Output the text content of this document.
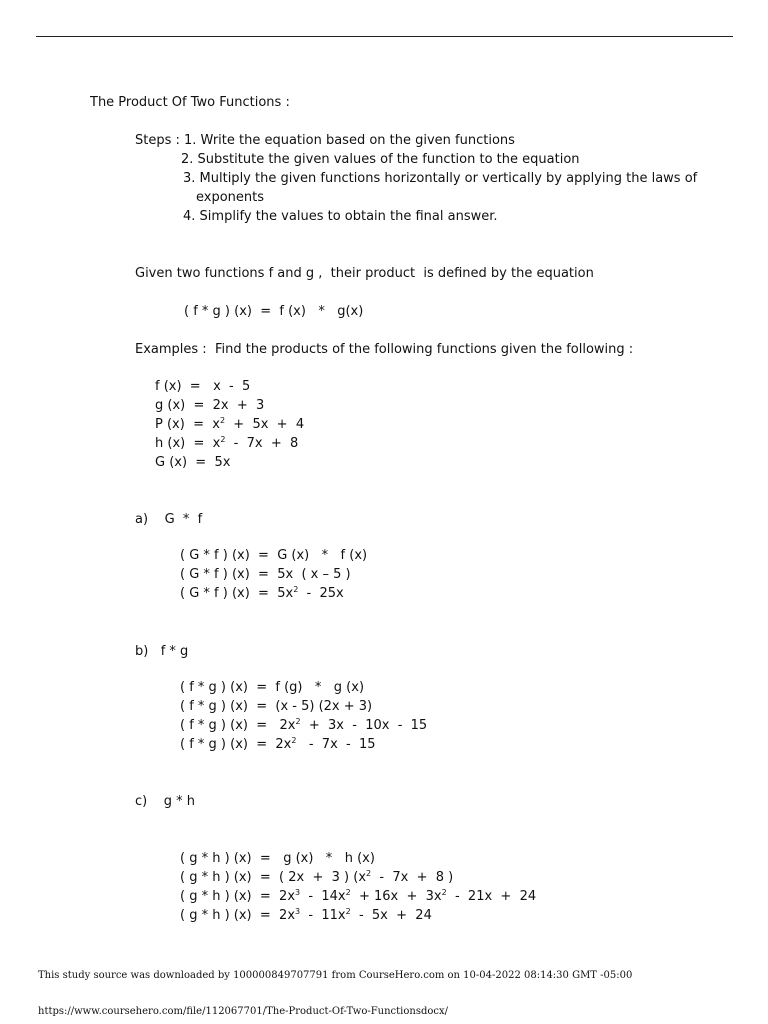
The Product Of Two Functions :
Steps : 1. Write the equation based on the given functions
2. Substitute the given values of the function to the equation
3. Multiply the given functions horizontally or vertically by applying the laws of
exponents
4. Simplify the values to obtain the final answer.
Given two functions f and g ,  their product  is defined by the equation
( f * g ) (x)  =  f (x)   *   g(x)
Examples :  Find the products of the following functions given the following :
f (x)  =   x  -  5
g (x)  =  2x  +  3
P $(x) = x^2 + 5x + 4$
h $(x) = x^2 - 7x + 8$
G (x)  =  5x
a)    G  *  f
( G * f ) (x)  =  G (x)   *   f (x)
( G * f ) (x)  =  5x  ( x – 5 )
( G * f ) $(x) = 5x^2 - 25x$
b)   f * g
( f * g ) (x)  =  f (g)   *   g (x)
( f * g ) (x)  =  (x - 5) (2x + 3)
( f * g ) $(x) = 2x^2 + 3x - 10x - 15$
( f * g ) $(x) = 2x^2 - 7x - 15$
c)    g * h
( g * h ) (x)  =   g (x)   *   h (x)
( g * h ) (x)  =  ( 2x  +  3 ) ($x^2 - 7x + 8$ )
( g * h ) $(x) = 2x^3 - 14x^2 + 16x + 3x^2 - 21x + 24$
( g * h ) $(x) = 2x^3 - 11x^2 - 5x + 24$
This study source was downloaded by 100000849707791 from CourseHero.com on 10-04-2022 08:14:30 GMT -05:00
https://www.coursehero.com/file/112067701/The-Product-Of-Two-Functionsdocx/
